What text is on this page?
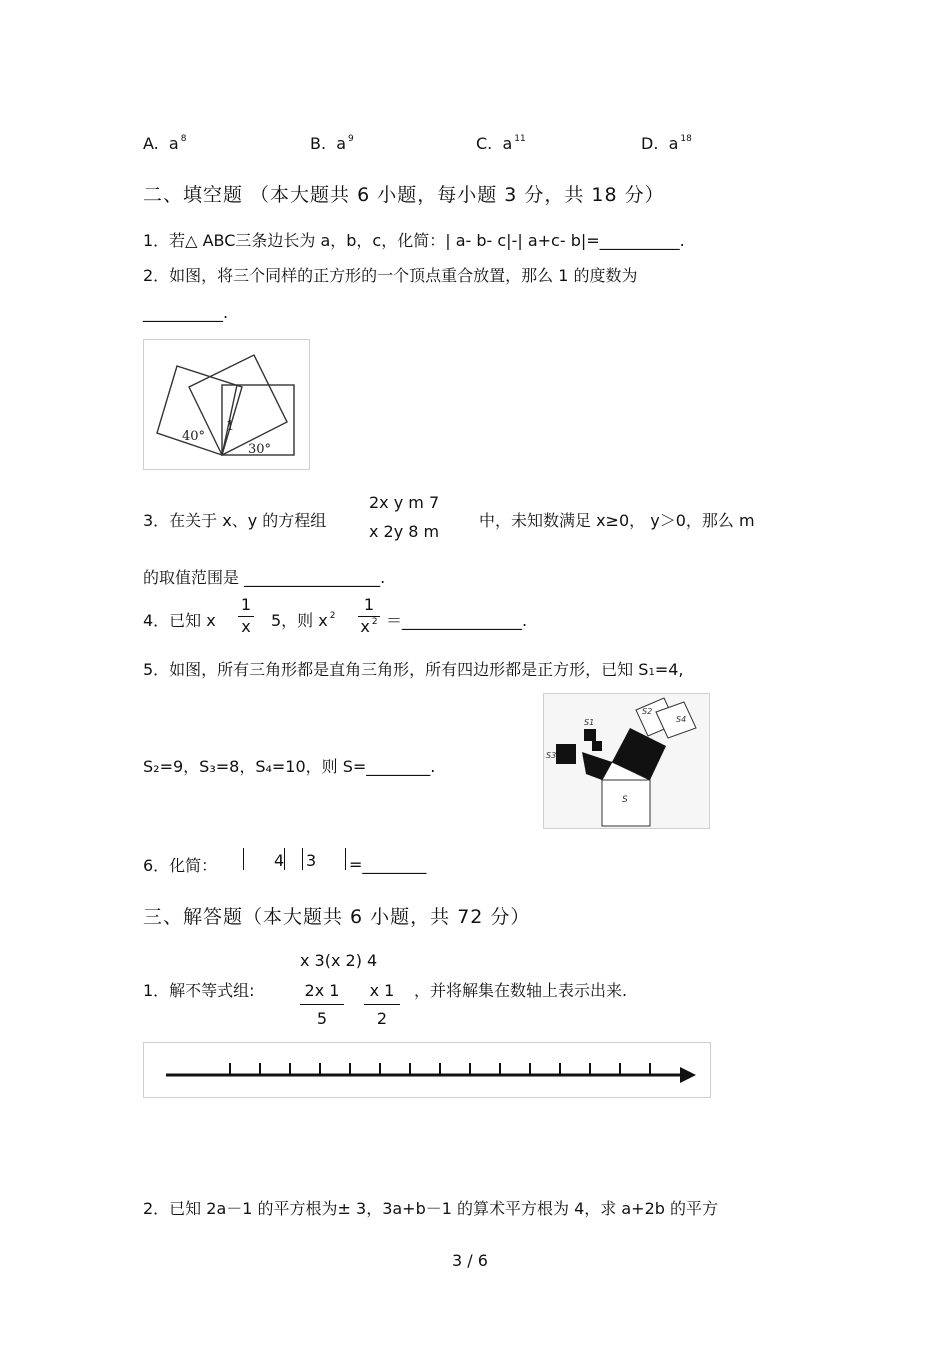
A. a $^8$	B. a $^9$	C. a $^{11}$	D. a $^{18}$
二、填空题 （本大题共 6 小题，每小题 3 分，共 18 分）
1．若△ ABC三条边长为 a，b，c，化简：| a- b- c|-| a+c- b|=__________.
2．如图，将三个同样的正方形的一个顶点重合放置，那么 1 的度数为
__________.
40°
30°
1
3．在关于 x、y 的方程组
2x y m 7
x 2y 8 m
中，未知数满足 x≥0， y＞0，那么 m
的取值范围是 _________________.
4．已知 x $\frac{1}{x} 5$，则 x $^2 \frac{1}{x ^2}$ ＝_______________.
5．如图，所有三角形都是直角三角形，所有四边形都是正方形，已知 S1=4,
S₂=9，S₃=8，S₄=10，则 S=________.
S
S1
S3
S2
S4
6．化简：	4 3 =________
三、解答题（本大题共 6 小题，共 72 分）
x 3(x 2) 4
1．解不等式组:	$\frac{2x 1}{5} \frac{x 1}{2}$ ，并将解集在数轴上表示出来.
2．已知 2a－1 的平方根为± 3，3a+b－1 的算术平方根为 4，求 a+2b 的平方
3 / 6
